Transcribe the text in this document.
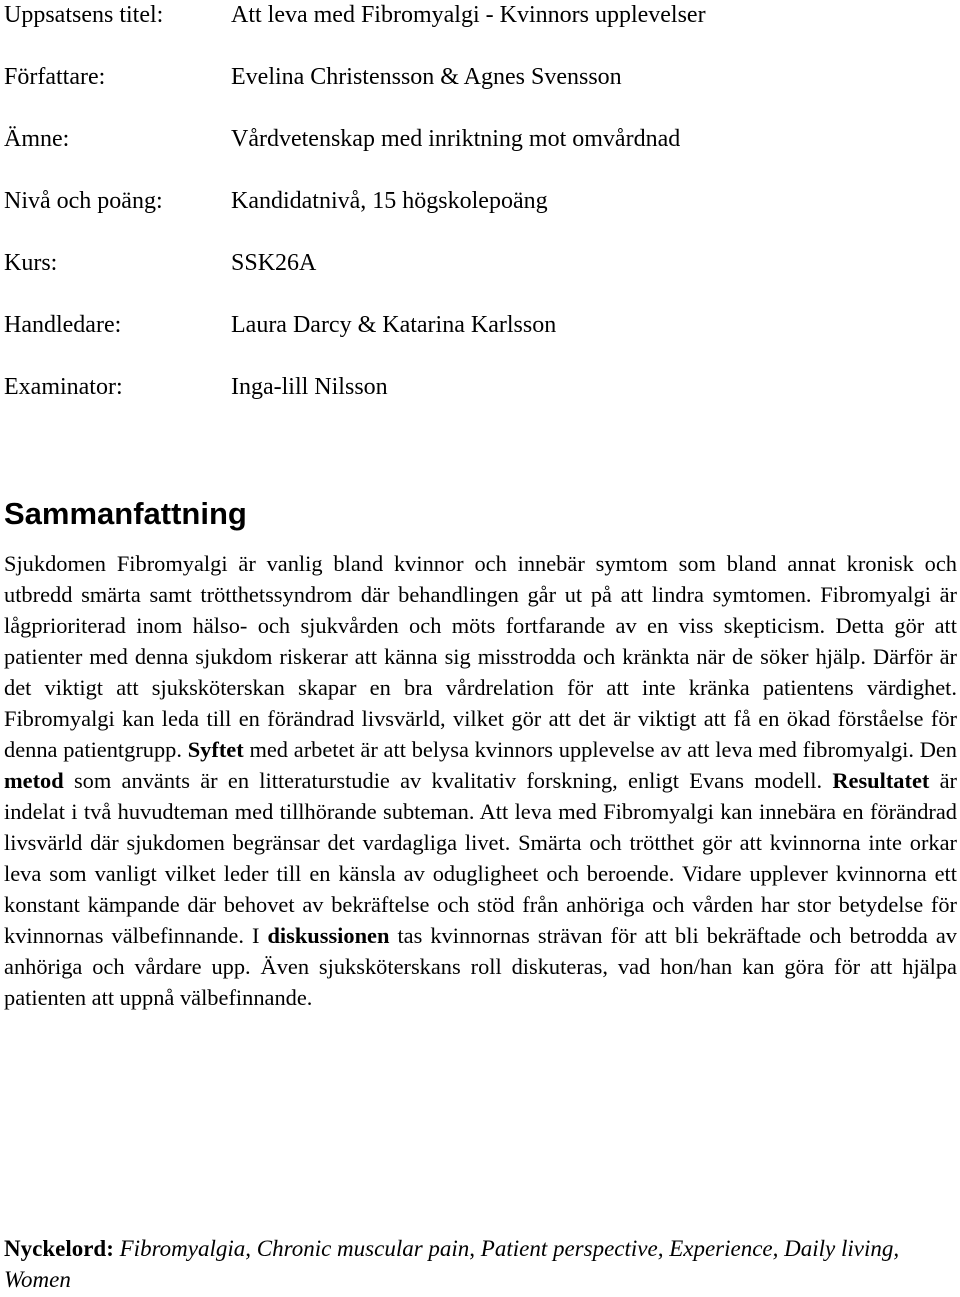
Uppsatsens titel:	Att leva med Fibromyalgi - Kvinnors upplevelser
Författare:	Evelina Christensson & Agnes Svensson
Ämne:	Vårdvetenskap med inriktning mot omvårdnad
Nivå och poäng:	Kandidatnivå, 15 högskolepoäng
Kurs:	SSK26A
Handledare:	Laura Darcy & Katarina Karlsson
Examinator:	Inga-lill Nilsson
Sammanfattning

Sjukdomen Fibromyalgi är vanlig bland kvinnor och innebär symtom som bland annat kronisk och utbredd smärta samt trötthetssyndrom där behandlingen går ut på att lindra symtomen. Fibromyalgi är lågprioriterad inom hälso- och sjukvården och möts fortfarande av en viss skepticism. Detta gör att patienter med denna sjukdom riskerar att känna sig misstrodda och kränkta när de söker hjälp. Därför är det viktigt att sjuksköterskan skapar en bra vårdrelation för att inte kränka patientens värdighet. Fibromyalgi kan leda till en förändrad livsvärld, vilket gör att det är viktigt att få en ökad förståelse för denna patientgrupp. Syftet med arbetet är att belysa kvinnors upplevelse av att leva med fibromyalgi. Den metod som använts är en litteraturstudie av kvalitativ forskning, enligt Evans modell. Resultatet är indelat i två huvudteman med tillhörande subteman. Att leva med Fibromyalgi kan innebära en förändrad livsvärld där sjukdomen begränsar det vardagliga livet. Smärta och trötthet gör att kvinnorna inte orkar leva som vanligt vilket leder till en känsla av odugligheet och beroende. Vidare upplever kvinnorna ett konstant kämpande där behovet av bekräftelse och stöd från anhöriga och vården har stor betydelse för kvinnornas välbefinnande. I diskussionen tas kvinnornas strävan för att bli bekräftade och betrodda av anhöriga och vårdare upp. Även sjuksköterskans roll diskuteras, vad hon/han kan göra för att hjälpa patienten att uppnå välbefinnande.

Nyckelord: Fibromyalgia, Chronic muscular pain, Patient perspective, Experience, Daily living, Women
